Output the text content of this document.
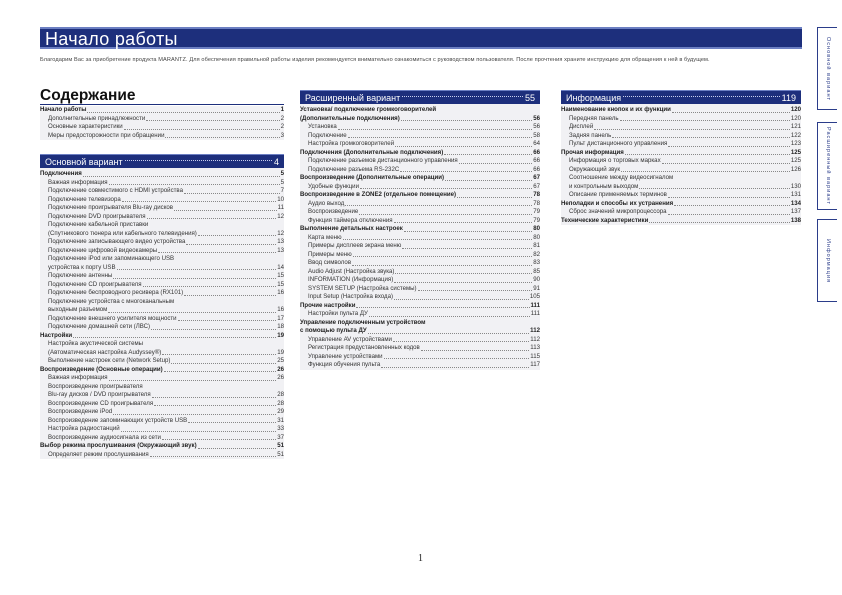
Начало работы
Благодарим Вас за приобретение продукта MARANTZ. Для обеспечения правильной работы изделия рекомендуется внимательно ознакомиться с руководством пользователя. После прочтения храните инструкцию для обращения к ней в будущем.
Содержание
Начало работы	1
Дополнительные принадлежности	2
Основные характеристики	2
Меры предосторожности при обращении	3
Основной вариант	4
Подключения	5
Важная информация	5
Подключение совместимого с HDMI устройства	7
Подключение телевизора	10
Подключение проигрывателя Blu-ray дисков	11
Подключение DVD проигрывателя	12
Подключение кабельной приставки
(Спутникового тюнера или кабельного телевидения)	12
Подключение записывающего видео устройства	13
Подключение цифровой видеокамеры	13
Подключение iPod или запоминающего USB
устройства к порту USB	14
Подключение антенны	15
Подключение CD проигрывателя	15
Подключение беспроводного ресивера (RX101)	16
Подключение устройства с многоканальным
выходным разъемом	16
Подключение внешнего усилителя мощности	17
Подключение домашней сети (ЛВС)	18
Настройки	19
Настройка акустической системы
(Автоматическая настройка Audyssey®)	19
Выполнение настроек сети (Network Setup)	25
Воспроизведение (Основные операции)	26
Важная информация	26
Воспроизведение проигрывателя
Blu-ray дисков / DVD проигрывателя	28
Воспроизведение CD проигрывателя	28
Воспроизведение iPod	29
Воспроизведение запоминающих устройств USB	31
Настройка радиостанций	33
Воспроизведение аудиосигнала из сети	37
Выбор режима прослушивания (Окружающий звук)	51
Определяет режим прослушивания	51
Расширенный вариант	55
Установка/ подключение громкоговорителей
(Дополнительные подключения)	56
Установка	56
Подключение	58
Настройка громкоговорителей	64
Подключения (Дополнительные подключения)	66
Подключение разъемов дистанционного управления	66
Подключение разъема RS-232C	66
Воспроизведение (Дополнительные операции)	67
Удобные функции	67
Воспроизведение в ZONE2 (отдельное помещение)	78
Аудио выход	78
Воспроизведение	79
Функция таймера отключения	79
Выполнение детальных настроек	80
Карта меню	80
Примеры дисплеев экрана меню	81
Примеры меню	82
Ввод символов	83
Audio Adjust (Настройка звука)	85
INFORMATION (Информация)	90
SYSTEM SETUP (Настройка системы)	91
Input Setup (Настройка входа)	105
Прочие настройки	111
Настройки пульта ДУ	111
Управление подключенным устройством
с помощью пульта ДУ	112
Управление AV устройствами	112
Регистрация предустановленных кодов	113
Управление устройствами	115
Функция обучения пульта	117
Информация	119
Наименование кнопок и их функции	120
Передняя панель	120
Дисплей	121
Задняя панель	122
Пульт дистанционного управления	123
Прочая информация	125
Информация о торговых марках	125
Окружающий звук	126
Соотношение между видеосигналом
и контрольным выходом	130
Описание применяемых терминов	131
Неполадки и способы их устранения	134
Сброс значений микропроцессора	137
Технические характеристики	138
Основной вариант
Расширенный вариант
Информация
1
